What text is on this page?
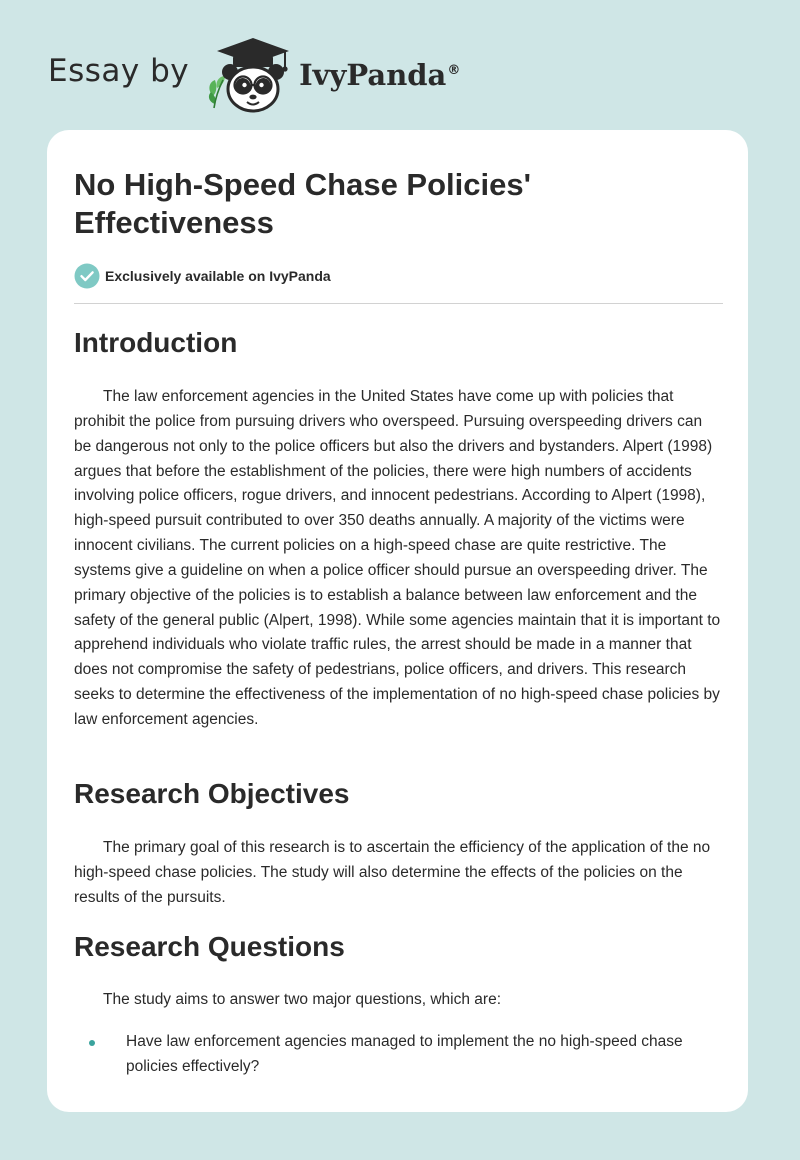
Essay by	IvyPanda®
No High-Speed Chase Policies' Effectiveness
Exclusively available on IvyPanda
Introduction

The law enforcement agencies in the United States have come up with policies that prohibit the police from pursuing drivers who overspeed. Pursuing overspeeding drivers can be dangerous not only to the police officers but also the drivers and bystanders. Alpert (1998) argues that before the establishment of the policies, there were high numbers of accidents involving police officers, rogue drivers, and innocent pedestrians. According to Alpert (1998), high-speed pursuit contributed to over 350 deaths annually. A majority of the victims were innocent civilians. The current policies on a high-speed chase are quite restrictive. The systems give a guideline on when a police officer should pursue an overspeeding driver. The primary objective of the policies is to establish a balance between law enforcement and the safety of the general public (Alpert, 1998). While some agencies maintain that it is important to apprehend individuals who violate traffic rules, the arrest should be made in a manner that does not compromise the safety of pedestrians, police officers, and drivers. This research seeks to determine the effectiveness of the implementation of no high-speed chase policies by law enforcement agencies.

Research Objectives

The primary goal of this research is to ascertain the efficiency of the application of the no high-speed chase policies. The study will also determine the effects of the policies on the results of the pursuits.

Research Questions

The study aims to answer two major questions, which are:

Have law enforcement agencies managed to implement the no high-speed chase policies effectively?
